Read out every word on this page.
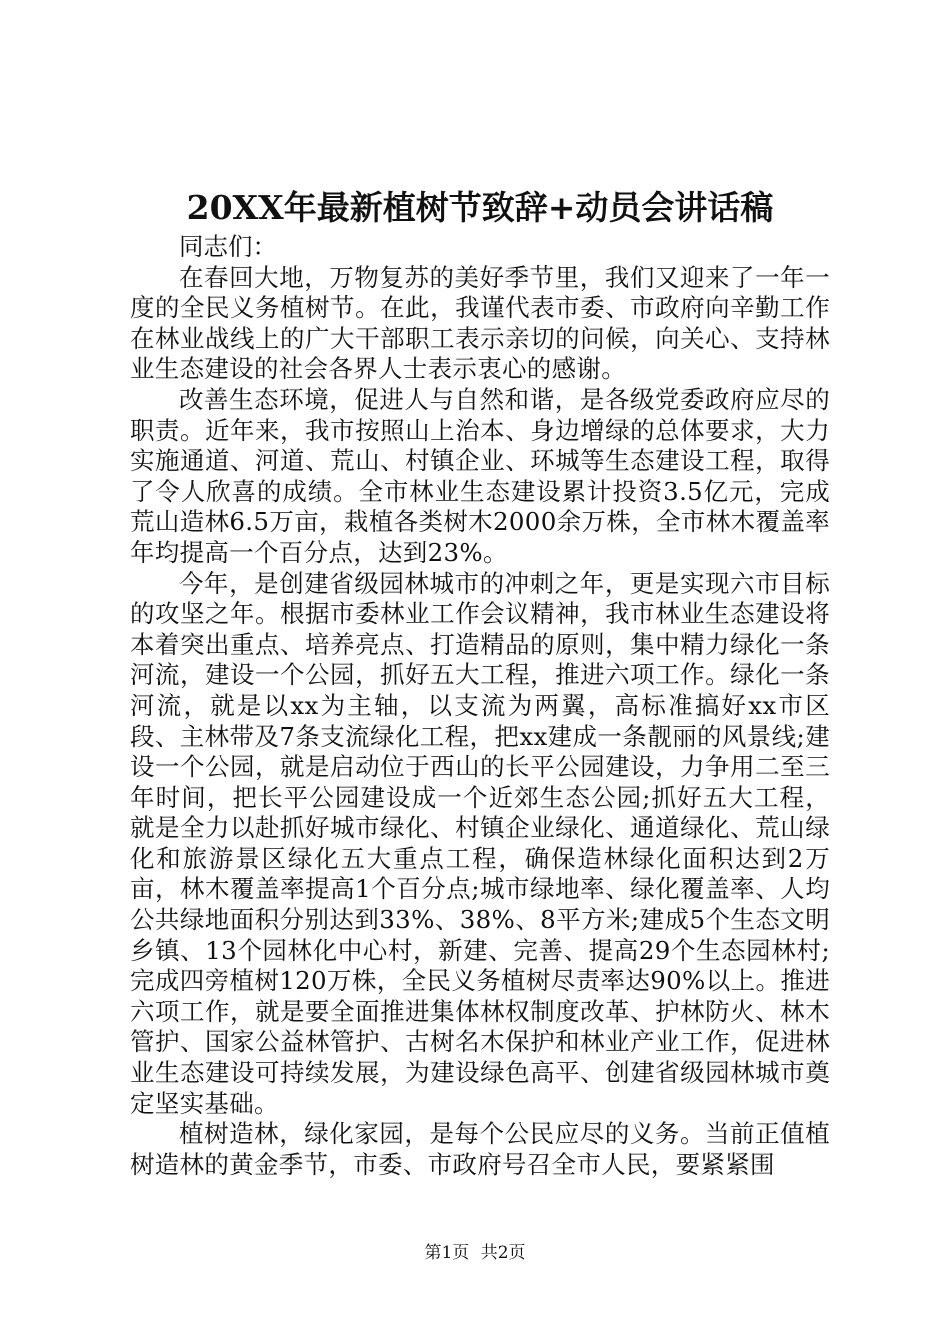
20XX年最新植树节致辞+动员会讲话稿

同志们：

在春回大地，万物复苏的美好季节里，我们又迎来了一年一度的全民义务植树节。在此，我谨代表市委、市政府向辛勤工作在林业战线上的广大干部职工表示亲切的问候，向关心、支持林业生态建设的社会各界人士表示衷心的感谢。

改善生态环境，促进人与自然和谐，是各级党委政府应尽的职责。近年来，我市按照山上治本、身边增绿的总体要求，大力实施通道、河道、荒山、村镇企业、环城等生态建设工程，取得了令人欣喜的成绩。全市林业生态建设累计投资3.5亿元，完成荒山造林6.5万亩，栽植各类树木2000余万株，全市林木覆盖率年均提高一个百分点，达到23%。

今年，是创建省级园林城市的冲刺之年，更是实现六市目标的攻坚之年。根据市委林业工作会议精神，我市林业生态建设将本着突出重点、培养亮点、打造精品的原则，集中精力绿化一条河流，建设一个公园，抓好五大工程，推进六项工作。绿化一条河流，就是以xx为主轴，以支流为两翼，高标准搞好xx市区段、主林带及7条支流绿化工程，把xx建成一条靓丽的风景线;建设一个公园，就是启动位于西山的长平公园建设，力争用二至三年时间，把长平公园建设成一个近郊生态公园;抓好五大工程，就是全力以赴抓好城市绿化、村镇企业绿化、通道绿化、荒山绿化和旅游景区绿化五大重点工程，确保造林绿化面积达到2万亩，林木覆盖率提高1个百分点;城市绿地率、绿化覆盖率、人均公共绿地面积分别达到33%、38%、8平方米;建成5个生态文明乡镇、13个园林化中心村，新建、完善、提高29个生态园林村;完成四旁植树120万株，全民义务植树尽责率达90%以上。推进六项工作，就是要全面推进集体林权制度改革、护林防火、林木管护、国家公益林管护、古树名木保护和林业产业工作，促进林业生态建设可持续发展，为建设绿色高平、创建省级园林城市奠定坚实基础。

植树造林，绿化家园，是每个公民应尽的义务。当前正值植树造林的黄金季节，市委、市政府号召全市人民，要紧紧围

第1页 共2页
